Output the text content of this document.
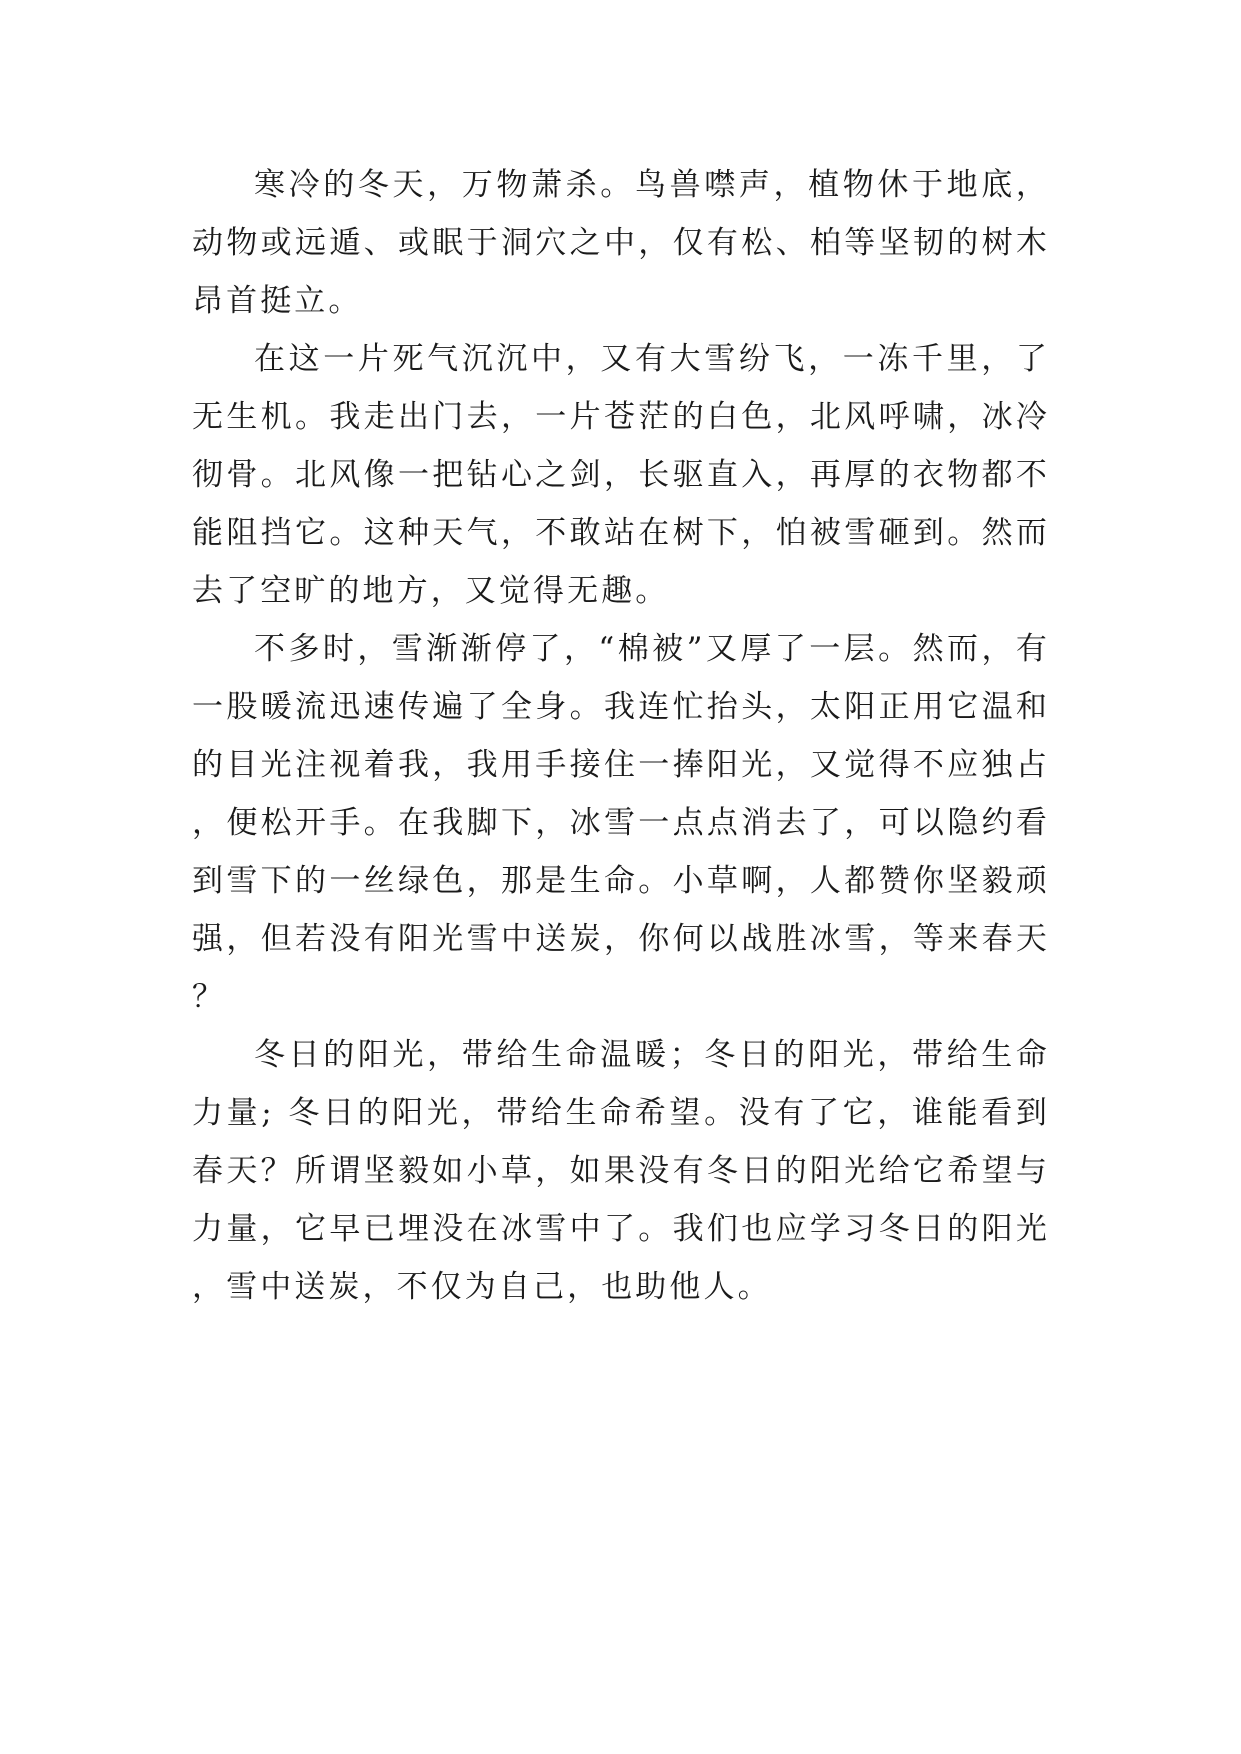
寒冷的冬天，万物萧杀。鸟兽噤声，植物休于地底，动物或远遁、或眠于洞穴之中，仅有松、柏等坚韧的树木昂首挺立。

在这一片死气沉沉中，又有大雪纷飞，一冻千里，了无生机。我走出门去，一片苍茫的白色，北风呼啸，冰冷彻骨。北风像一把钻心之剑，长驱直入，再厚的衣物都不能阻挡它。这种天气，不敢站在树下，怕被雪砸到。然而去了空旷的地方，又觉得无趣。

不多时，雪渐渐停了，“棉被”又厚了一层。然而，有一股暖流迅速传遍了全身。我连忙抬头，太阳正用它温和的目光注视着我，我用手接住一捧阳光，又觉得不应独占，便松开手。在我脚下，冰雪一点点消去了，可以隐约看到雪下的一丝绿色，那是生命。小草啊，人都赞你坚毅顽强，但若没有阳光雪中送炭，你何以战胜冰雪，等来春天？

冬日的阳光，带给生命温暖；冬日的阳光，带给生命力量; 冬日的阳光，带给生命希望。没有了它，谁能看到春天？所谓坚毅如小草，如果没有冬日的阳光给它希望与力量，它早已埋没在冰雪中了。我们也应学习冬日的阳光，雪中送炭，不仅为自己，也助他人。
